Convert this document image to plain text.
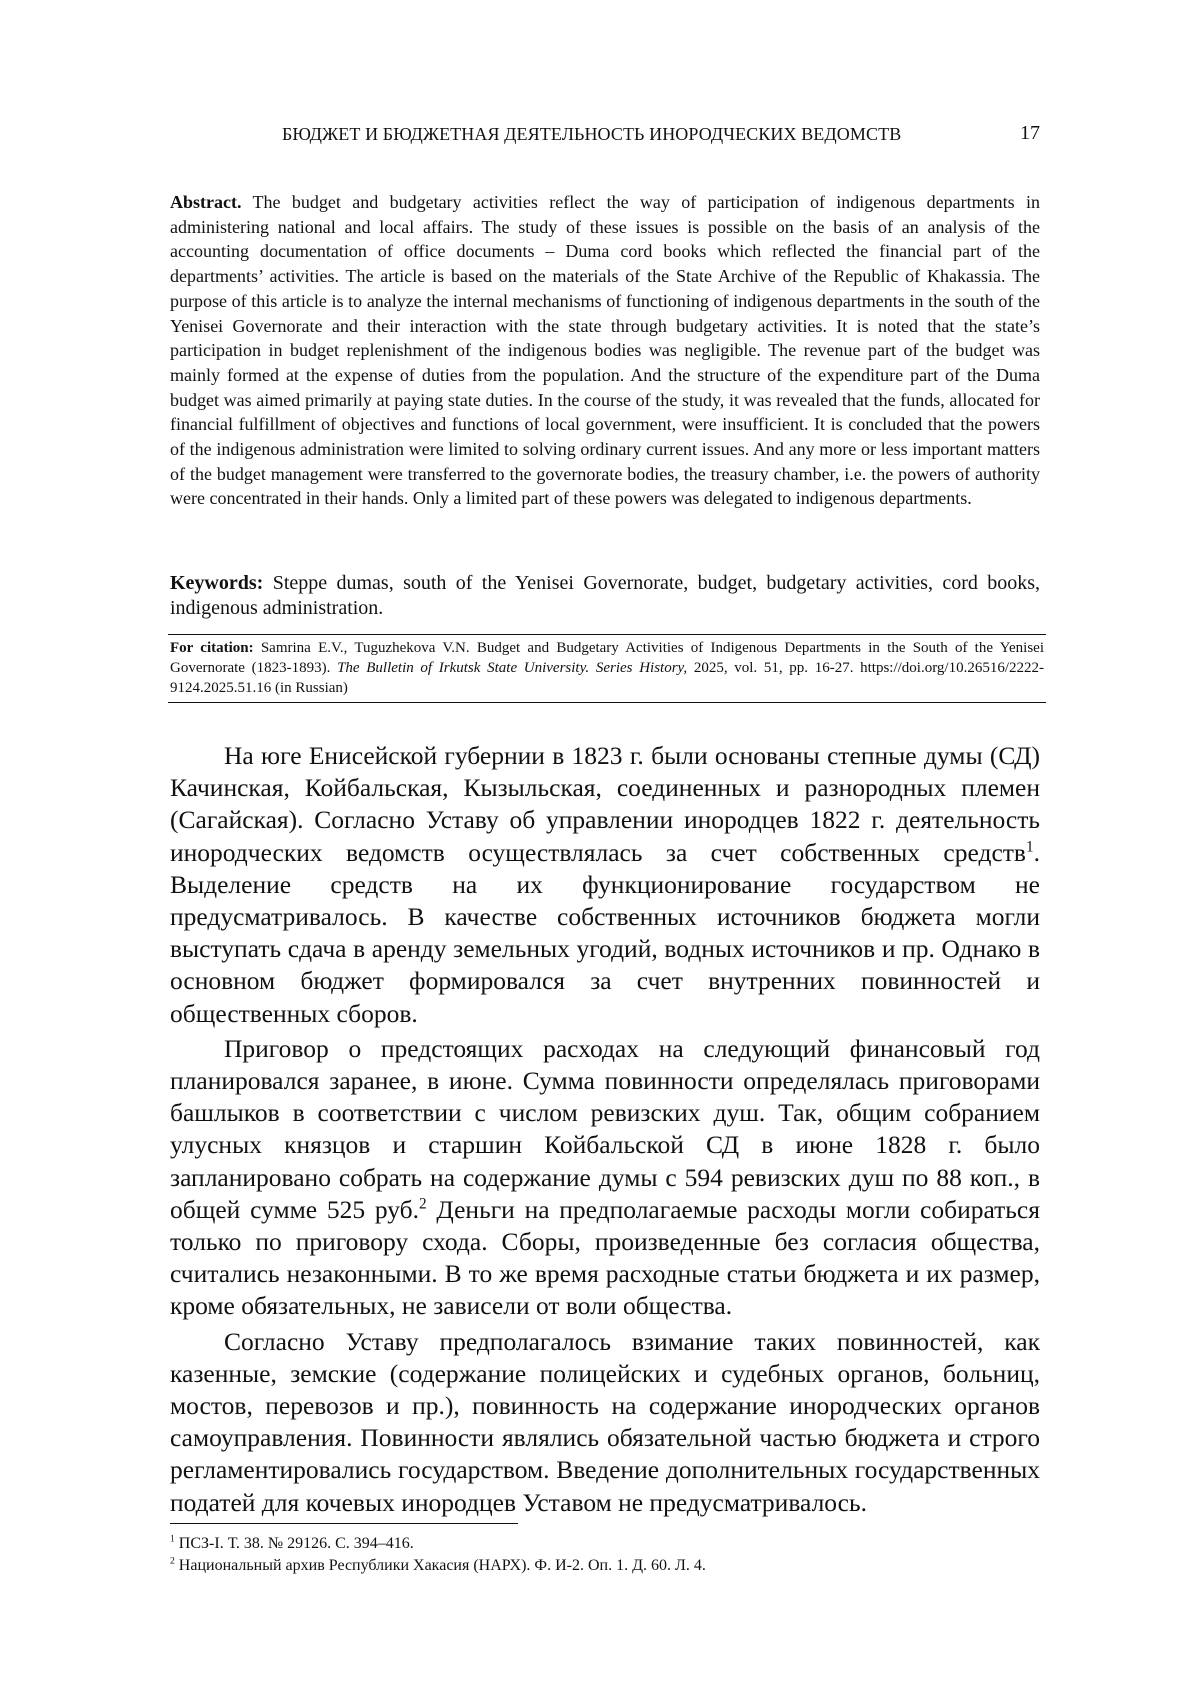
БЮДЖЕТ И БЮДЖЕТНАЯ ДЕЯТЕЛЬНОСТЬ ИНОРОДЧЕСКИХ ВЕДОМСТВ	17

Abstract. The budget and budgetary activities reflect the way of participation of indigenous departments in administering national and local affairs. The study of these issues is possible on the basis of an analysis of the accounting documentation of office documents – Duma cord books which reflected the financial part of the departments’ activities. The article is based on the materials of the State Archive of the Republic of Khakassia. The purpose of this article is to analyze the internal mechanisms of functioning of indigenous departments in the south of the Yenisei Governorate and their interaction with the state through budgetary activities. It is noted that the state’s participation in budget replenishment of the indigenous bodies was negligible. The revenue part of the budget was mainly formed at the expense of duties from the population. And the structure of the expenditure part of the Duma budget was aimed primarily at paying state duties. In the course of the study, it was revealed that the funds, allocated for financial fulfillment of objectives and functions of local government, were insufficient. It is concluded that the powers of the indigenous administration were limited to solving ordinary current issues. And any more or less important matters of the budget management were transferred to the governorate bodies, the treasury chamber, i.e. the powers of authority were concentrated in their hands. Only a limited part of these powers was delegated to indigenous departments.

Keywords: Steppe dumas, south of the Yenisei Governorate, budget, budgetary activities, cord books, indigenous administration.

For citation: Samrina E.V., Tuguzhekova V.N. Budget and Budgetary Activities of Indigenous Departments in the South of the Yenisei Governorate (1823-1893). The Bulletin of Irkutsk State University. Series History, 2025, vol. 51, pp. 16-27. https://doi.org/10.26516/2222-9124.2025.51.16 (in Russian)

На юге Енисейской губернии в 1823 г. были основаны степные думы (СД) Качинская, Койбальская, Кызыльская, соединенных и разнородных племен (Сагайская). Согласно Уставу об управлении инородцев 1822 г. деятельность инородческих ведомств осуществлялась за счет собственных средств$^1$. Выделение средств на их функционирование государством не предусматривалось. В качестве собственных источников бюджета могли выступать сдача в аренду земельных угодий, водных источников и пр. Однако в основном бюджет формировался за счет внутренних повинностей и общественных сборов.

Приговор о предстоящих расходах на следующий финансовый год планировался заранее, в июне. Сумма повинности определялась приговорами башлыков в соответствии с числом ревизских душ. Так, общим собранием улусных князцов и старшин Койбальской СД в июне 1828 г. было запланировано собрать на содержание думы с 594 ревизских душ по 88 коп., в общей сумме 525 руб.$^2$ Деньги на предполагаемые расходы могли собираться только по приговору схода. Сборы, произведенные без согласия общества, считались незаконными. В то же время расходные статьи бюджета и их размер, кроме обязательных, не зависели от воли общества.

Согласно Уставу предполагалось взимание таких повинностей, как казенные, земские (содержание полицейских и судебных органов, больниц, мостов, перевозов и пр.), повинность на содержание инородческих органов самоуправления. Повинности являлись обязательной частью бюджета и строго регламентировались государством. Введение дополнительных государственных податей для кочевых инородцев Уставом не предусматривалось.

$^1$ ПСЗ-I. Т. 38. № 29126. С. 394–416.

$^2$ Национальный архив Республики Хакасия (НАРХ). Ф. И-2. Оп. 1. Д. 60. Л. 4.
